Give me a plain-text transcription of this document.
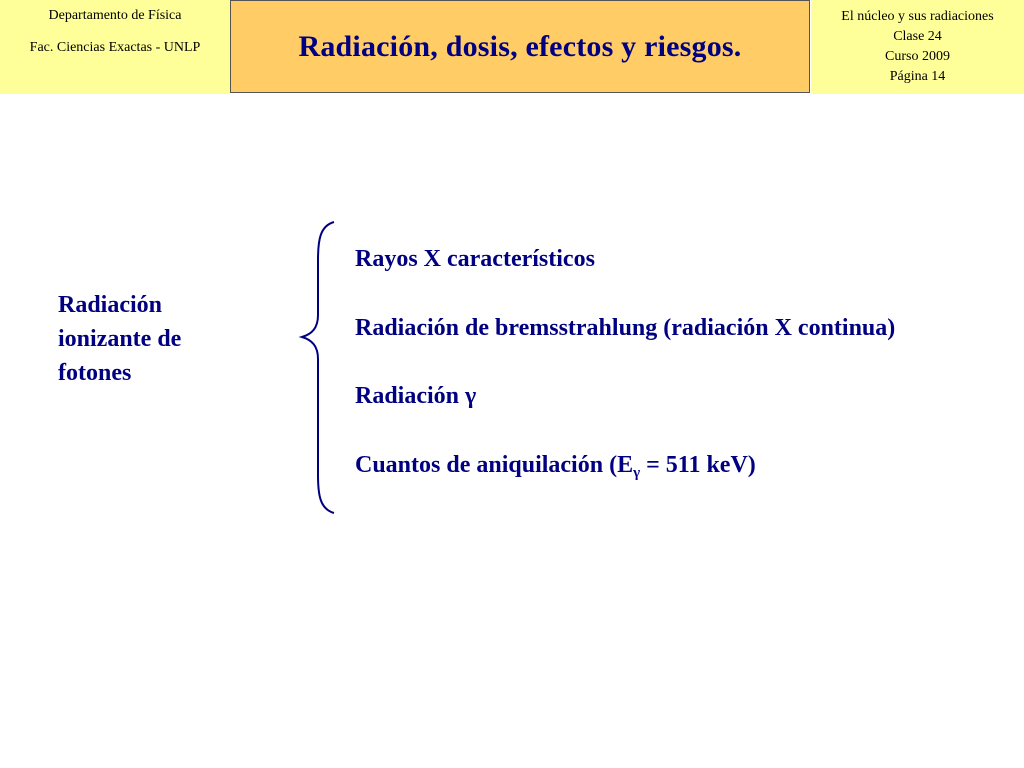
Departamento de Física
Fac. Ciencias Exactas - UNLP	Radiación, dosis, efectos y riesgos.
El núcleo y sus radiaciones
Clase 24
Curso 2009
Página 14
Radiación
ionizante de
fotones
Rayos X característicos
Radiación de bremsstrahlung (radiación X continua)
Radiación γ
Cuantos de aniquilación ($E_\gamma = 511$ keV)
